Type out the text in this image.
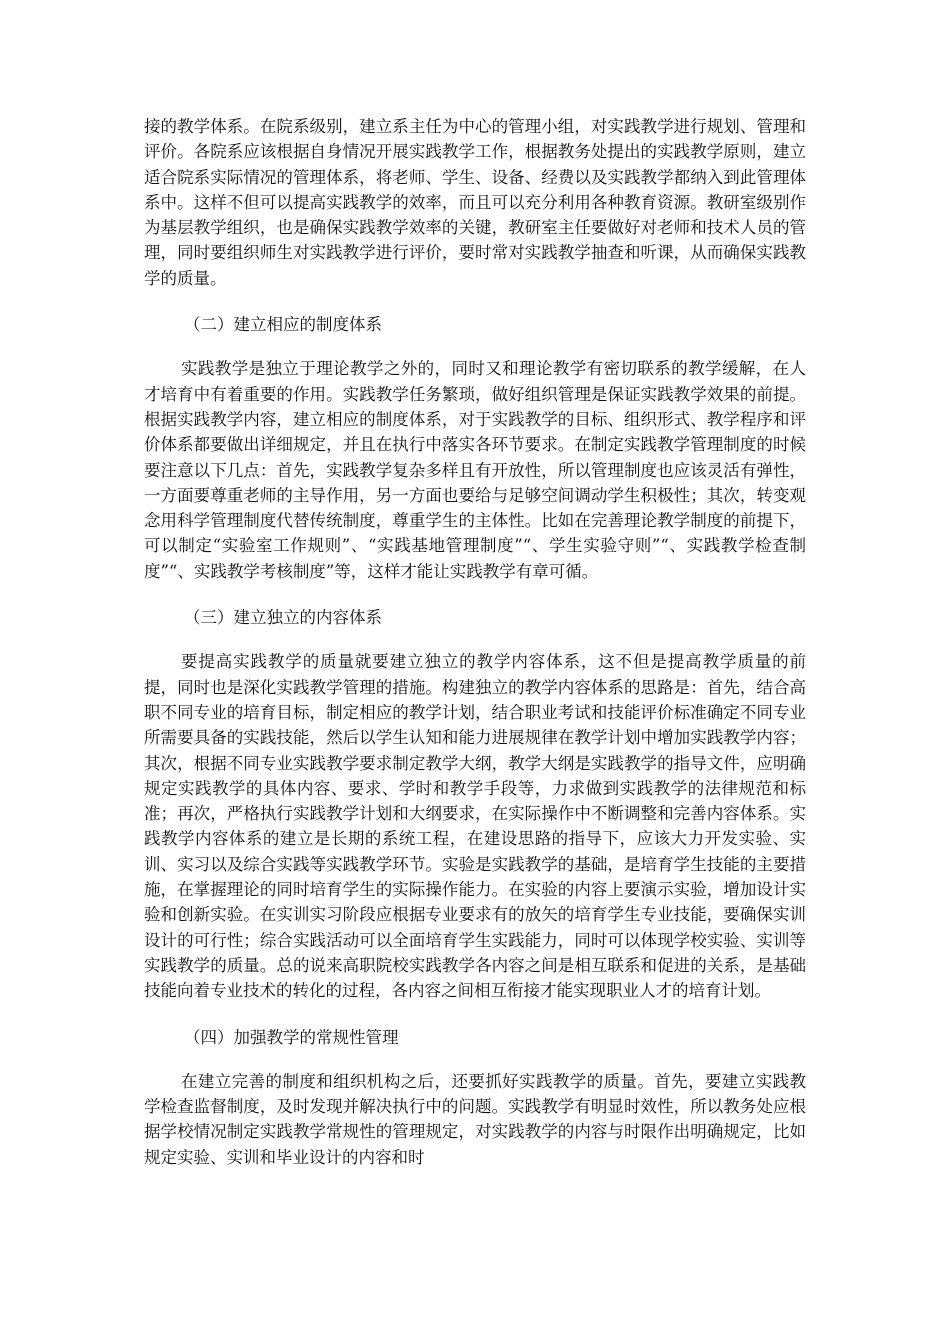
接的教学体系。在院系级别，建立系主任为中心的管理小组，对实践教学进行规划、管理和评价。各院系应该根据自身情况开展实践教学工作，根据教务处提出的实践教学原则，建立适合院系实际情况的管理体系，将老师、学生、设备、经费以及实践教学都纳入到此管理体系中。这样不但可以提高实践教学的效率，而且可以充分利用各种教育资源。教研室级别作为基层教学组织，也是确保实践教学效率的关键，教研室主任要做好对老师和技术人员的管理，同时要组织师生对实践教学进行评价，要时常对实践教学抽查和听课，从而确保实践教学的质量。

（二）建立相应的制度体系

实践教学是独立于理论教学之外的，同时又和理论教学有密切联系的教学缓解，在人才培育中有着重要的作用。实践教学任务繁琐，做好组织管理是保证实践教学效果的前提。根据实践教学内容，建立相应的制度体系，对于实践教学的目标、组织形式、教学程序和评价体系都要做出详细规定，并且在执行中落实各环节要求。在制定实践教学管理制度的时候要注意以下几点：首先，实践教学复杂多样且有开放性，所以管理制度也应该灵活有弹性，一方面要尊重老师的主导作用，另一方面也要给与足够空间调动学生积极性；其次，转变观念用科学管理制度代替传统制度，尊重学生的主体性。比如在完善理论教学制度的前提下，可以制定“实验室工作规则”、“实践基地管理制度”“、学生实验守则”“、实践教学检查制度”“、实践教学考核制度”等，这样才能让实践教学有章可循。

（三）建立独立的内容体系

要提高实践教学的质量就要建立独立的教学内容体系，这不但是提高教学质量的前提，同时也是深化实践教学管理的措施。构建独立的教学内容体系的思路是：首先，结合高职不同专业的培育目标，制定相应的教学计划，结合职业考试和技能评价标准确定不同专业所需要具备的实践技能，然后以学生认知和能力进展规律在教学计划中增加实践教学内容；其次，根据不同专业实践教学要求制定教学大纲，教学大纲是实践教学的指导文件，应明确规定实践教学的具体内容、要求、学时和教学手段等，力求做到实践教学的法律规范和标准；再次，严格执行实践教学计划和大纲要求，在实际操作中不断调整和完善内容体系。实践教学内容体系的建立是长期的系统工程，在建设思路的指导下，应该大力开发实验、实训、实习以及综合实践等实践教学环节。实验是实践教学的基础，是培育学生技能的主要措施，在掌握理论的同时培育学生的实际操作能力。在实验的内容上要演示实验，增加设计实验和创新实验。在实训实习阶段应根据专业要求有的放矢的培育学生专业技能，要确保实训设计的可行性；综合实践活动可以全面培育学生实践能力，同时可以体现学校实验、实训等实践教学的质量。总的说来高职院校实践教学各内容之间是相互联系和促进的关系，是基础技能向着专业技术的转化的过程，各内容之间相互衔接才能实现职业人才的培育计划。

（四）加强教学的常规性管理

在建立完善的制度和组织机构之后，还要抓好实践教学的质量。首先，要建立实践教学检查监督制度，及时发现并解决执行中的问题。实践教学有明显时效性，所以教务处应根据学校情况制定实践教学常规性的管理规定，对实践教学的内容与时限作出明确规定，比如规定实验、实训和毕业设计的内容和时
